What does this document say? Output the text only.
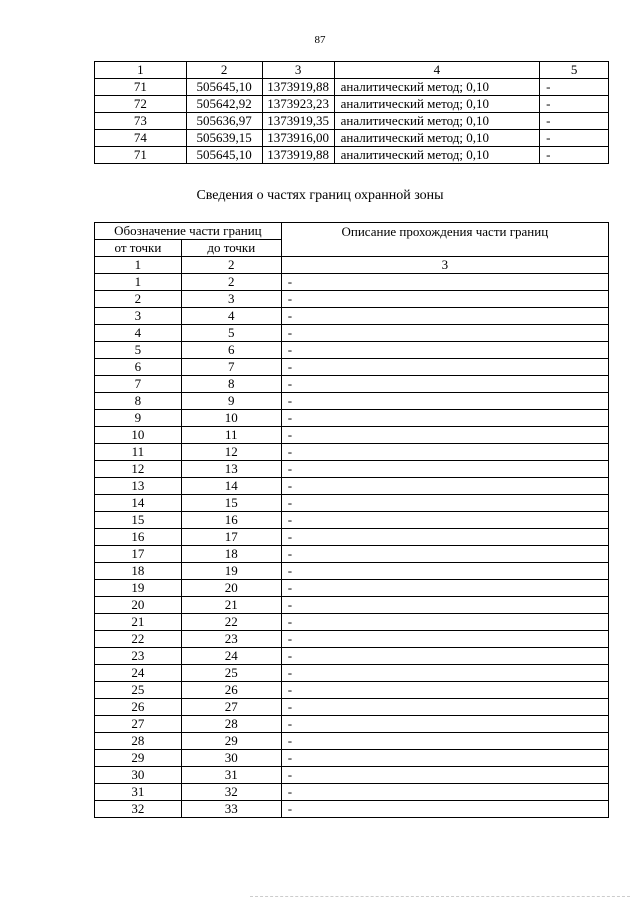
87
1	2	3	4	5
71	505645,10	1373919,88	аналитический метод; 0,10	-
72	505642,92	1373923,23	аналитический метод; 0,10	-
73	505636,97	1373919,35	аналитический метод; 0,10	-
74	505639,15	1373916,00	аналитический метод; 0,10	-
71	505645,10	1373919,88	аналитический метод; 0,10	-
Сведения о частях границ охранной зоны
Обозначение части границ		Описание прохождения части границ
от точки	до точки	
1	2	3
1	2	-
2	3	-
3	4	-
4	5	-
5	6	-
6	7	-
7	8	-
8	9	-
9	10	-
10	11	-
11	12	-
12	13	-
13	14	-
14	15	-
15	16	-
16	17	-
17	18	-
18	19	-
19	20	-
20	21	-
21	22	-
22	23	-
23	24	-
24	25	-
25	26	-
26	27	-
27	28	-
28	29	-
29	30	-
30	31	-
31	32	-
32	33	-
